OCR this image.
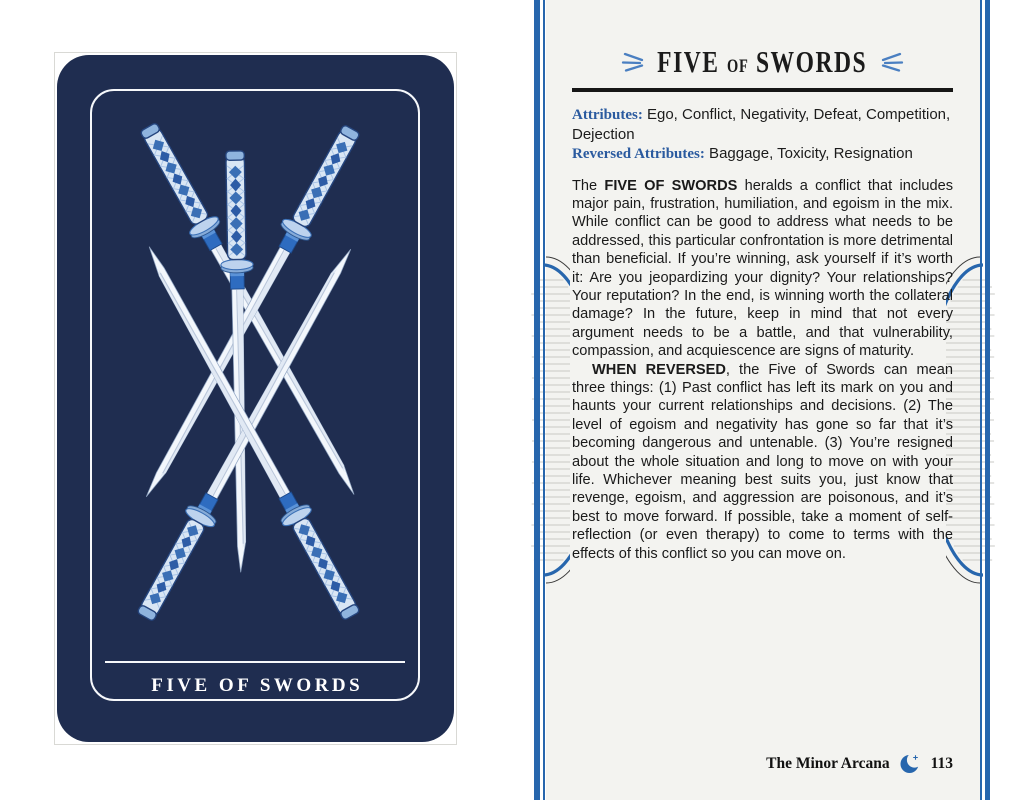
FIVE OF SWORDS
FIVE OF SWORDS
Attributes: Ego, Conflict, Negativity, Defeat, Competition, Dejection
Reversed Attributes: Baggage, Toxicity, Resignation

The FIVE OF SWORDS heralds a conflict that includes major pain, frustration, humiliation, and egoism in the mix. While conflict can be good to address what needs to be addressed, this particular confrontation is more detrimental than beneficial. If you’re winning, ask yourself if it’s worth it: Are you jeopardizing your dignity? Your relationships? Your reputation? In the end, is winning worth the collateral damage? In the future, keep in mind that not every argument needs to be a battle, and that vulnerability, compassion, and acquiescence are signs of maturity.

WHEN REVERSED, the Five of Swords can mean three things: (1) Past conflict has left its mark on you and haunts your current relationships and decisions. (2) The level of egoism and negativity has gone so far that it’s becoming dangerous and untenable. (3) You’re resigned about the whole situation and long to move on with your life. Whichever meaning best suits you, just know that revenge, egoism, and aggression are poisonous, and it’s best to move forward. If possible, take a moment of self-reflection (or even therapy) to come to terms with the effects of this conflict so you can move on.

The Minor Arcana	113
